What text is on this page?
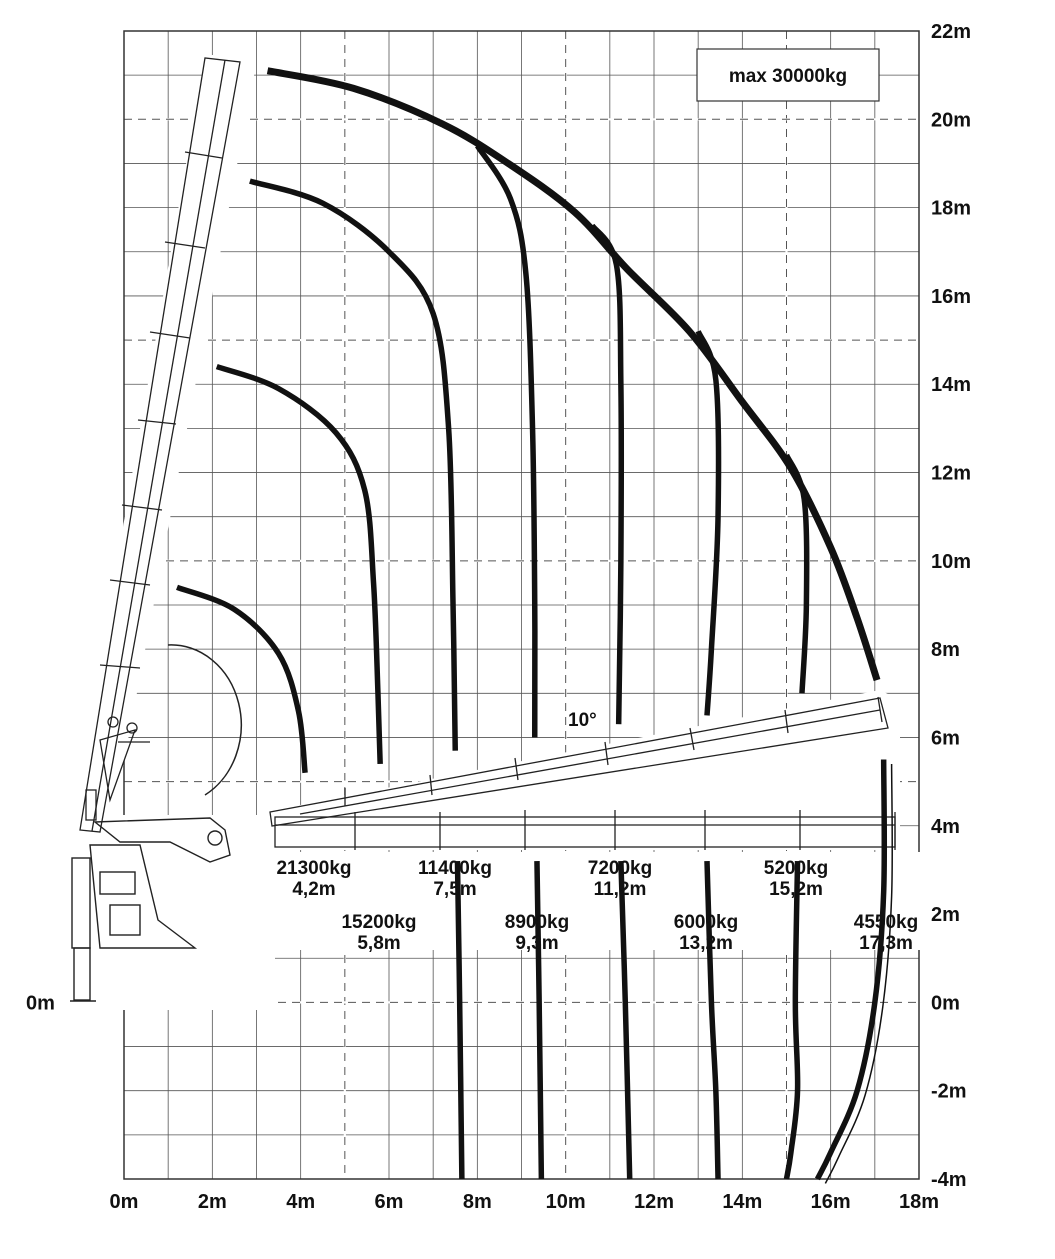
0m	2m	4m	6m	8m	10m 12m 14m 16m 18m
22m
20m
18m
16m
14m
12m
10m
8m
6m
4m
2m
0m
-2m
-4m
0m
max 30000kg
10°
21300kg
4,2m
15200kg
5,8m
11400kg
7,5m
8900kg
9,3m
7200kg
11,2m
6000kg
13,2m
5200kg
15,2m
4550kg
17,3m
